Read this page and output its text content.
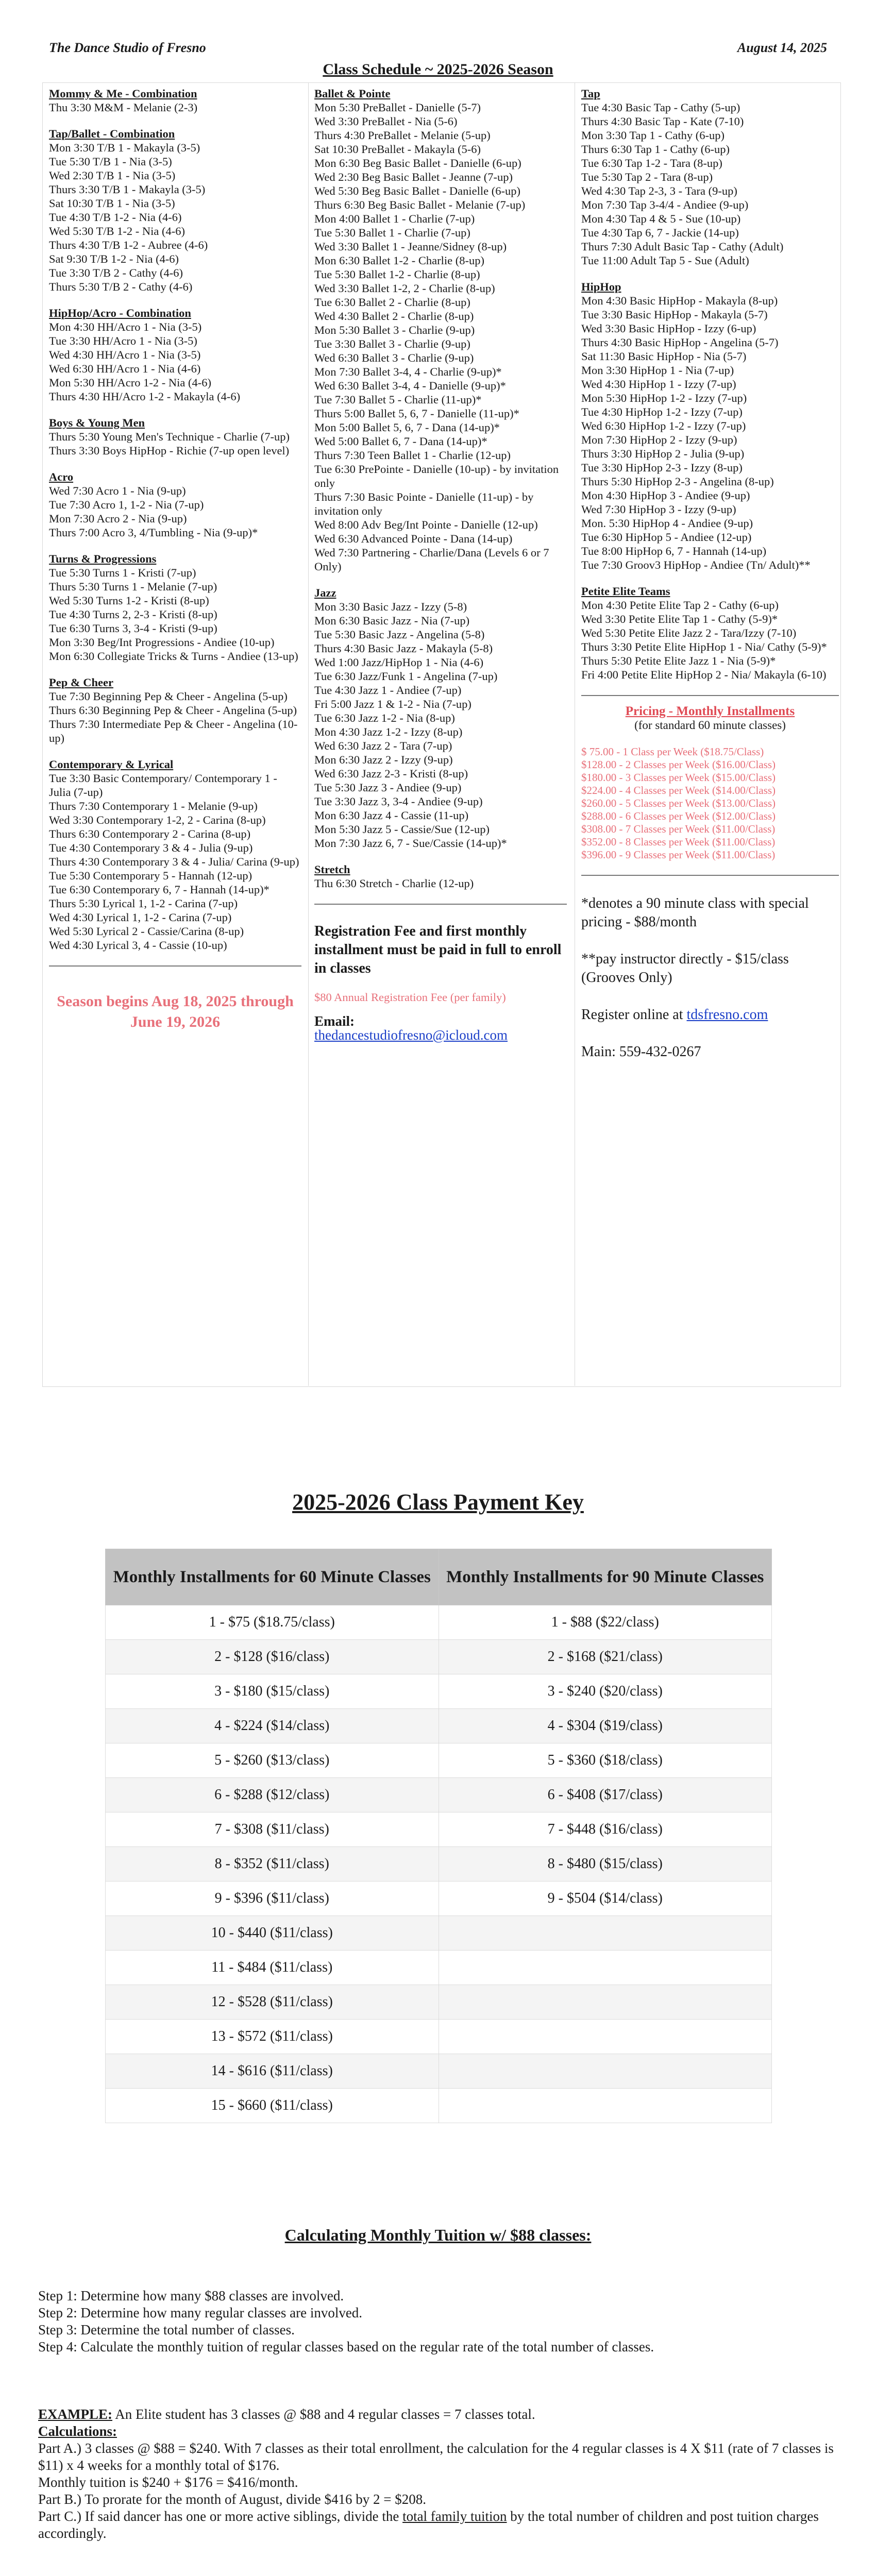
The Dance Studio of Fresno	August 14, 2025
Class Schedule ~ 2025-2026 Season
Mommy & Me - Combination
Thu 3:30 M&M - Melanie (2-3)
Tap/Ballet - Combination
Mon 3:30 T/B 1 - Makayla (3-5)
Tue 5:30 T/B 1 - Nia (3-5)
Wed 2:30 T/B 1 - Nia (3-5)
Thurs 3:30 T/B 1 - Makayla (3-5)
Sat 10:30 T/B 1 - Nia (3-5)
Tue 4:30 T/B 1-2 - Nia (4-6)
Wed 5:30 T/B 1-2 - Nia (4-6)
Thurs 4:30 T/B 1-2 - Aubree (4-6)
Sat 9:30 T/B 1-2 - Nia (4-6)
Tue 3:30 T/B 2 - Cathy (4-6)
Thurs 5:30 T/B 2 - Cathy (4-6)
HipHop/Acro - Combination
Mon 4:30 HH/Acro 1 - Nia (3-5)
Tue 3:30 HH/Acro 1 - Nia (3-5)
Wed 4:30 HH/Acro 1 - Nia (3-5)
Wed 6:30 HH/Acro 1 - Nia (4-6)
Mon 5:30 HH/Acro 1-2 - Nia (4-6)
Thurs 4:30 HH/Acro 1-2 - Makayla (4-6)
Boys & Young Men
Thurs 5:30 Young Men's Technique - Charlie (7-up)
Thurs 3:30 Boys HipHop - Richie (7-up open level)
Acro
Wed 7:30 Acro 1 - Nia (9-up)
Tue 7:30 Acro 1, 1-2 - Nia (7-up)
Mon 7:30 Acro 2 - Nia (9-up)
Thurs 7:00 Acro 3, 4/Tumbling - Nia (9-up)*
Turns & Progressions
Tue 5:30 Turns 1 - Kristi (7-up)
Thurs 5:30 Turns 1 - Melanie (7-up)
Wed 5:30 Turns 1-2 - Kristi (8-up)
Tue 4:30 Turns 2, 2-3 - Kristi (8-up)
Tue 6:30 Turns 3, 3-4 - Kristi (9-up)
Mon 3:30 Beg/Int Progressions - Andiee (10-up)
Mon 6:30 Collegiate Tricks & Turns - Andiee (13-up)
Pep & Cheer
Tue 7:30 Beginning Pep & Cheer - Angelina (5-up)
Thurs 6:30 Beginning Pep & Cheer - Angelina (5-up)
Thurs 7:30 Intermediate Pep & Cheer - Angelina (10-up)
Contemporary & Lyrical
Tue 3:30 Basic Contemporary/ Contemporary 1 - Julia (7-up)
Thurs 7:30 Contemporary 1 - Melanie (9-up)
Wed 3:30 Contemporary 1-2, 2 - Carina (8-up)
Thurs 6:30 Contemporary 2 - Carina (8-up)
Tue 4:30 Contemporary 3 & 4 - Julia (9-up)
Thurs 4:30 Contemporary 3 & 4 - Julia/ Carina (9-up)
Tue 5:30 Contemporary 5 - Hannah (12-up)
Tue 6:30 Contemporary 6, 7 - Hannah (14-up)*
Thurs 5:30 Lyrical 1, 1-2 - Carina (7-up)
Wed 4:30 Lyrical 1, 1-2 - Carina (7-up)
Wed 5:30 Lyrical 2 - Cassie/Carina (8-up)
Wed 4:30 Lyrical 3, 4 - Cassie (10-up)
Season begins Aug 18, 2025 through June 19, 2026
Ballet & Pointe
Mon 5:30 PreBallet - Danielle (5-7)
Wed 3:30 PreBallet - Nia (5-6)
Thurs 4:30 PreBallet - Melanie (5-up)
Sat 10:30 PreBallet - Makayla (5-6)
Mon 6:30 Beg Basic Ballet - Danielle (6-up)
Wed 2:30 Beg Basic Ballet - Jeanne (7-up)
Wed 5:30 Beg Basic Ballet - Danielle (6-up)
Thurs 6:30 Beg Basic Ballet - Melanie (7-up)
Mon 4:00 Ballet 1 - Charlie (7-up)
Tue 5:30 Ballet 1 - Charlie (7-up)
Wed 3:30 Ballet 1 - Jeanne/Sidney (8-up)
Mon 6:30 Ballet 1-2 - Charlie (8-up)
Tue 5:30 Ballet 1-2 - Charlie (8-up)
Wed 3:30 Ballet 1-2, 2 - Charlie (8-up)
Tue 6:30 Ballet 2 - Charlie (8-up)
Wed 4:30 Ballet 2 - Charlie (8-up)
Mon 5:30 Ballet 3 - Charlie (9-up)
Tue 3:30 Ballet 3 - Charlie (9-up)
Wed 6:30 Ballet 3 - Charlie (9-up)
Mon 7:30 Ballet 3-4, 4 - Charlie (9-up)*
Wed 6:30 Ballet 3-4, 4 - Danielle (9-up)*
Tue 7:30 Ballet 5 - Charlie (11-up)*
Thurs 5:00 Ballet 5, 6, 7 - Danielle (11-up)*
Mon 5:00 Ballet 5, 6, 7 - Dana (14-up)*
Wed 5:00 Ballet 6, 7 - Dana (14-up)*
Thurs 7:30 Teen Ballet 1 - Charlie (12-up)
Tue 6:30 PrePointe - Danielle (10-up) - by invitation only
Thurs 7:30 Basic Pointe - Danielle (11-up) - by invitation only
Wed 8:00 Adv Beg/Int Pointe - Danielle (12-up)
Wed 6:30 Advanced Pointe - Dana (14-up)
Wed 7:30 Partnering - Charlie/Dana (Levels 6 or 7 Only)
Jazz
Mon 3:30 Basic Jazz - Izzy (5-8)
Mon 6:30 Basic Jazz - Nia (7-up)
Tue 5:30 Basic Jazz - Angelina (5-8)
Thurs 4:30 Basic Jazz - Makayla (5-8)
Wed 1:00 Jazz/HipHop 1 - Nia (4-6)
Tue 6:30 Jazz/Funk 1 - Angelina (7-up)
Tue 4:30 Jazz 1 - Andiee (7-up)
Fri 5:00 Jazz 1 & 1-2 - Nia (7-up)
Tue 6:30 Jazz 1-2 - Nia (8-up)
Mon 4:30 Jazz 1-2 - Izzy (8-up)
Wed 6:30 Jazz 2 - Tara (7-up)
Mon 6:30 Jazz 2 - Izzy (9-up)
Wed 6:30 Jazz 2-3 - Kristi (8-up)
Tue 5:30 Jazz 3 - Andiee (9-up)
Tue 3:30 Jazz 3, 3-4 - Andiee (9-up)
Mon 6:30 Jazz 4 - Cassie (11-up)
Mon 5:30 Jazz 5 - Cassie/Sue (12-up)
Mon 7:30 Jazz 6, 7 - Sue/Cassie (14-up)*
Stretch
Thu 6:30 Stretch - Charlie (12-up)
Registration Fee and first monthly installment must be paid in full to enroll in classes
$80 Annual Registration Fee (per family)
Email:
thedancestudiofresno@icloud.com
Tap
Tue 4:30 Basic Tap - Cathy (5-up)
Thurs 4:30 Basic Tap - Kate (7-10)
Mon 3:30 Tap 1 - Cathy (6-up)
Thurs 6:30 Tap 1 - Cathy (6-up)
Tue 6:30 Tap 1-2 - Tara (8-up)
Tue 5:30 Tap 2 - Tara (8-up)
Wed 4:30 Tap 2-3, 3 - Tara (9-up)
Mon 7:30 Tap 3-4/4 - Andiee (9-up)
Mon 4:30 Tap 4 & 5 - Sue (10-up)
Tue 4:30 Tap 6, 7 - Jackie (14-up)
Thurs 7:30 Adult Basic Tap - Cathy (Adult)
Tue 11:00 Adult Tap 5 - Sue (Adult)
HipHop
Mon 4:30 Basic HipHop - Makayla (8-up)
Tue 3:30 Basic HipHop - Makayla (5-7)
Wed 3:30 Basic HipHop - Izzy (6-up)
Thurs 4:30 Basic HipHop - Angelina (5-7)
Sat 11:30 Basic HipHop - Nia (5-7)
Mon 3:30 HipHop 1 - Nia (7-up)
Wed 4:30 HipHop 1 - Izzy (7-up)
Mon 5:30 HipHop 1-2 - Izzy (7-up)
Tue 4:30 HipHop 1-2 - Izzy (7-up)
Wed 6:30 HipHop 1-2 - Izzy (7-up)
Mon 7:30 HipHop 2 - Izzy (9-up)
Thurs 3:30 HipHop 2 - Julia (9-up)
Tue 3:30 HipHop 2-3 - Izzy (8-up)
Thurs 5:30 HipHop 2-3 - Angelina (8-up)
Mon 4:30 HipHop 3 - Andiee (9-up)
Wed 7:30 HipHop 3 - Izzy (9-up)
Mon. 5:30 HipHop 4 - Andiee (9-up)
Tue 6:30 HipHop 5 - Andiee (12-up)
Tue 8:00 HipHop 6, 7 - Hannah (14-up)
Tue 7:30 Groov3 HipHop - Andiee (Tn/ Adult)**
Petite Elite Teams
Mon 4:30 Petite Elite Tap 2 - Cathy (6-up)
Wed 3:30 Petite Elite Tap 1 - Cathy (5-9)*
Wed 5:30 Petite Elite Jazz 2 - Tara/Izzy (7-10)
Thurs 3:30 Petite Elite HipHop 1 - Nia/ Cathy (5-9)*
Thurs 5:30 Petite Elite Jazz 1 - Nia (5-9)*
Fri 4:00 Petite Elite HipHop 2 - Nia/ Makayla (6-10)
Pricing - Monthly Installments
(for standard 60 minute classes)
$ 75.00 - 1 Class per Week ($18.75/Class)
$128.00 - 2 Classes per Week ($16.00/Class)
$180.00 - 3 Classes per Week ($15.00/Class)
$224.00 - 4 Classes per Week ($14.00/Class)
$260.00 - 5 Classes per Week ($13.00/Class)
$288.00 - 6 Classes per Week ($12.00/Class)
$308.00 - 7 Classes per Week ($11.00/Class)
$352.00 - 8 Classes per Week ($11.00/Class)
$396.00 - 9 Classes per Week ($11.00/Class)
*denotes a 90 minute class with special pricing - $88/month
**pay instructor directly - $15/class (Grooves Only)
Register online at tdsfresno.com
Main: 559-432-0267
2025-2026 Class Payment Key
Monthly Installments for 60 Minute Classes	Monthly Installments for 90 Minute Classes
1 - $75 ($18.75/class)	1 - $88 ($22/class)
2 - $128 ($16/class)	2 - $168 ($21/class)
3 - $180 ($15/class)	3 - $240 ($20/class)
4 - $224 ($14/class)	4 - $304 ($19/class)
5 - $260 ($13/class)	5 - $360 ($18/class)
6 - $288 ($12/class)	6 - $408 ($17/class)
7 - $308 ($11/class)	7 - $448 ($16/class)
8 - $352 ($11/class)	8 - $480 ($15/class)
9 - $396 ($11/class)	9 - $504 ($14/class)
10 - $440 ($11/class)	
11 - $484 ($11/class)	
12 - $528 ($11/class)	
13 - $572 ($11/class)	
14 - $616 ($11/class)	
15 - $660 ($11/class)	
Calculating Monthly Tuition w/ $88 classes:
Step 1: Determine how many $88 classes are involved.
Step 2: Determine how many regular classes are involved.
Step 3: Determine the total number of classes.
Step 4: Calculate the monthly tuition of regular classes based on the regular rate of the total number of classes.
EXAMPLE: An Elite student has 3 classes @ $88 and 4 regular classes = 7 classes total.
Calculations:
Part A.) 3 classes @ $88 = $240. With 7 classes as their total enrollment, the calculation for the 4 regular classes is 4 X $11 (rate of 7 classes is $11) x 4 weeks for a monthly total of $176.
Monthly tuition is $240 + $176 = $416/month.
Part B.) To prorate for the month of August, divide $416 by 2 = $208.
Part C.) If said dancer has one or more active siblings, divide the total family tuition by the total number of children and post tuition charges accordingly.
